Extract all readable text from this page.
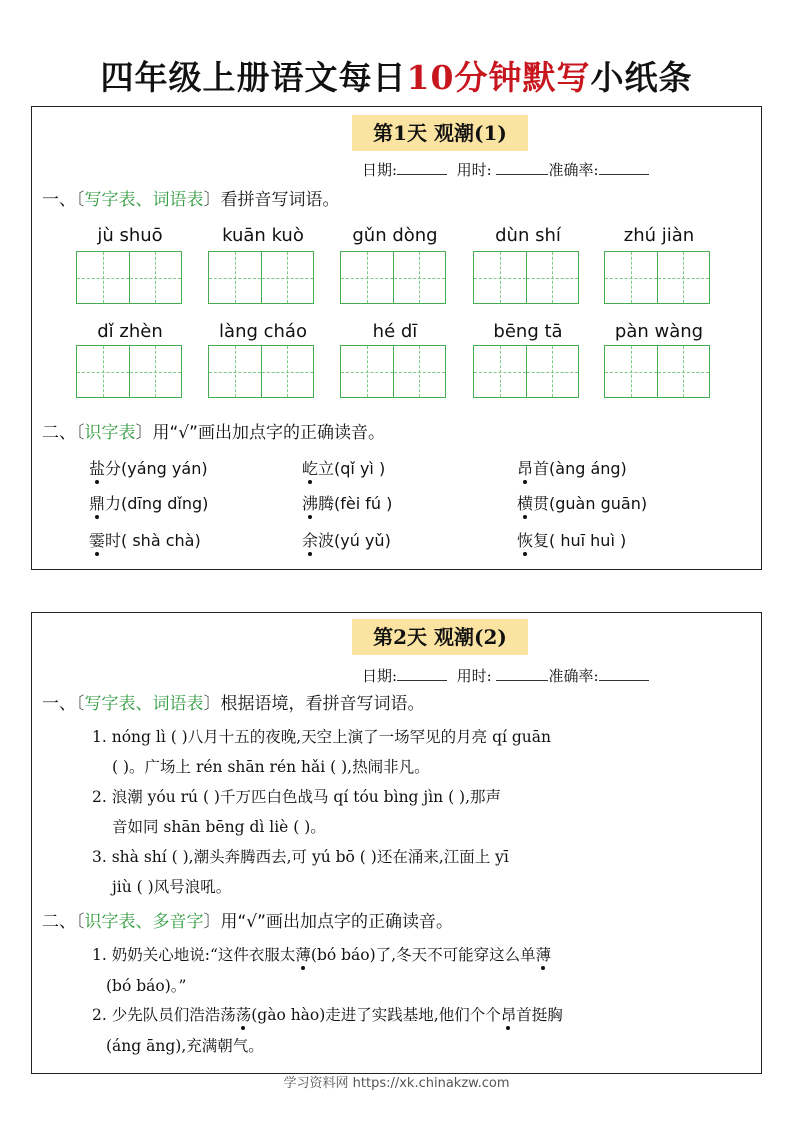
四年级上册语文每日10分钟默写小纸条
第1天 观潮(1)
日期:	用时:	准确率:
一、〔写字表、词语表〕看拼音写词语。
jù shuō	kuān kuò	gǔn dòng	dùn shí	zhú jiàn
dǐ zhèn	làng cháo	hé dī	bēng tā	pàn wàng
二、〔识字表〕用“√”画出加点字的正确读音。
盐分(yáng yán)	屹立(qǐ yì )	昂首(àng áng)
鼎力(dīng dǐng)	沸腾(fèi fú )	横贯(guàn guān)
霎时( shà chà)	余波(yú yǔ)	恢复( huī huì )
第2天 观潮(2)
日期:	用时:	准确率:
一、〔写字表、词语表〕根据语境，看拼音写词语。
1. nóng lì ( )八月十五的夜晚,天空上演了一场罕见的月亮 qí guān
( )。广场上 rén shān rén hǎi ( ),热闹非凡。
2. 浪潮 yóu rú ( )千万匹白色战马 qí tóu bìng jìn ( ),那声
音如同 shān bēng dì liè ( )。
3. shà shí ( ),潮头奔腾西去,可 yú bō ( )还在涌来,江面上 yī
jiù ( )风号浪吼。
二、〔识字表、多音字〕用“√”画出加点字的正确读音。
1. 奶奶关心地说:“这件衣服太薄(bó báo)了,冬天不可能穿这么单薄
(bó báo)。”
2. 少先队员们浩浩荡荡(gào hào)走进了实践基地,他们个个昂首挺胸
(áng āng),充满朝气。
学习资料网 https://xk.chinakzw.com
